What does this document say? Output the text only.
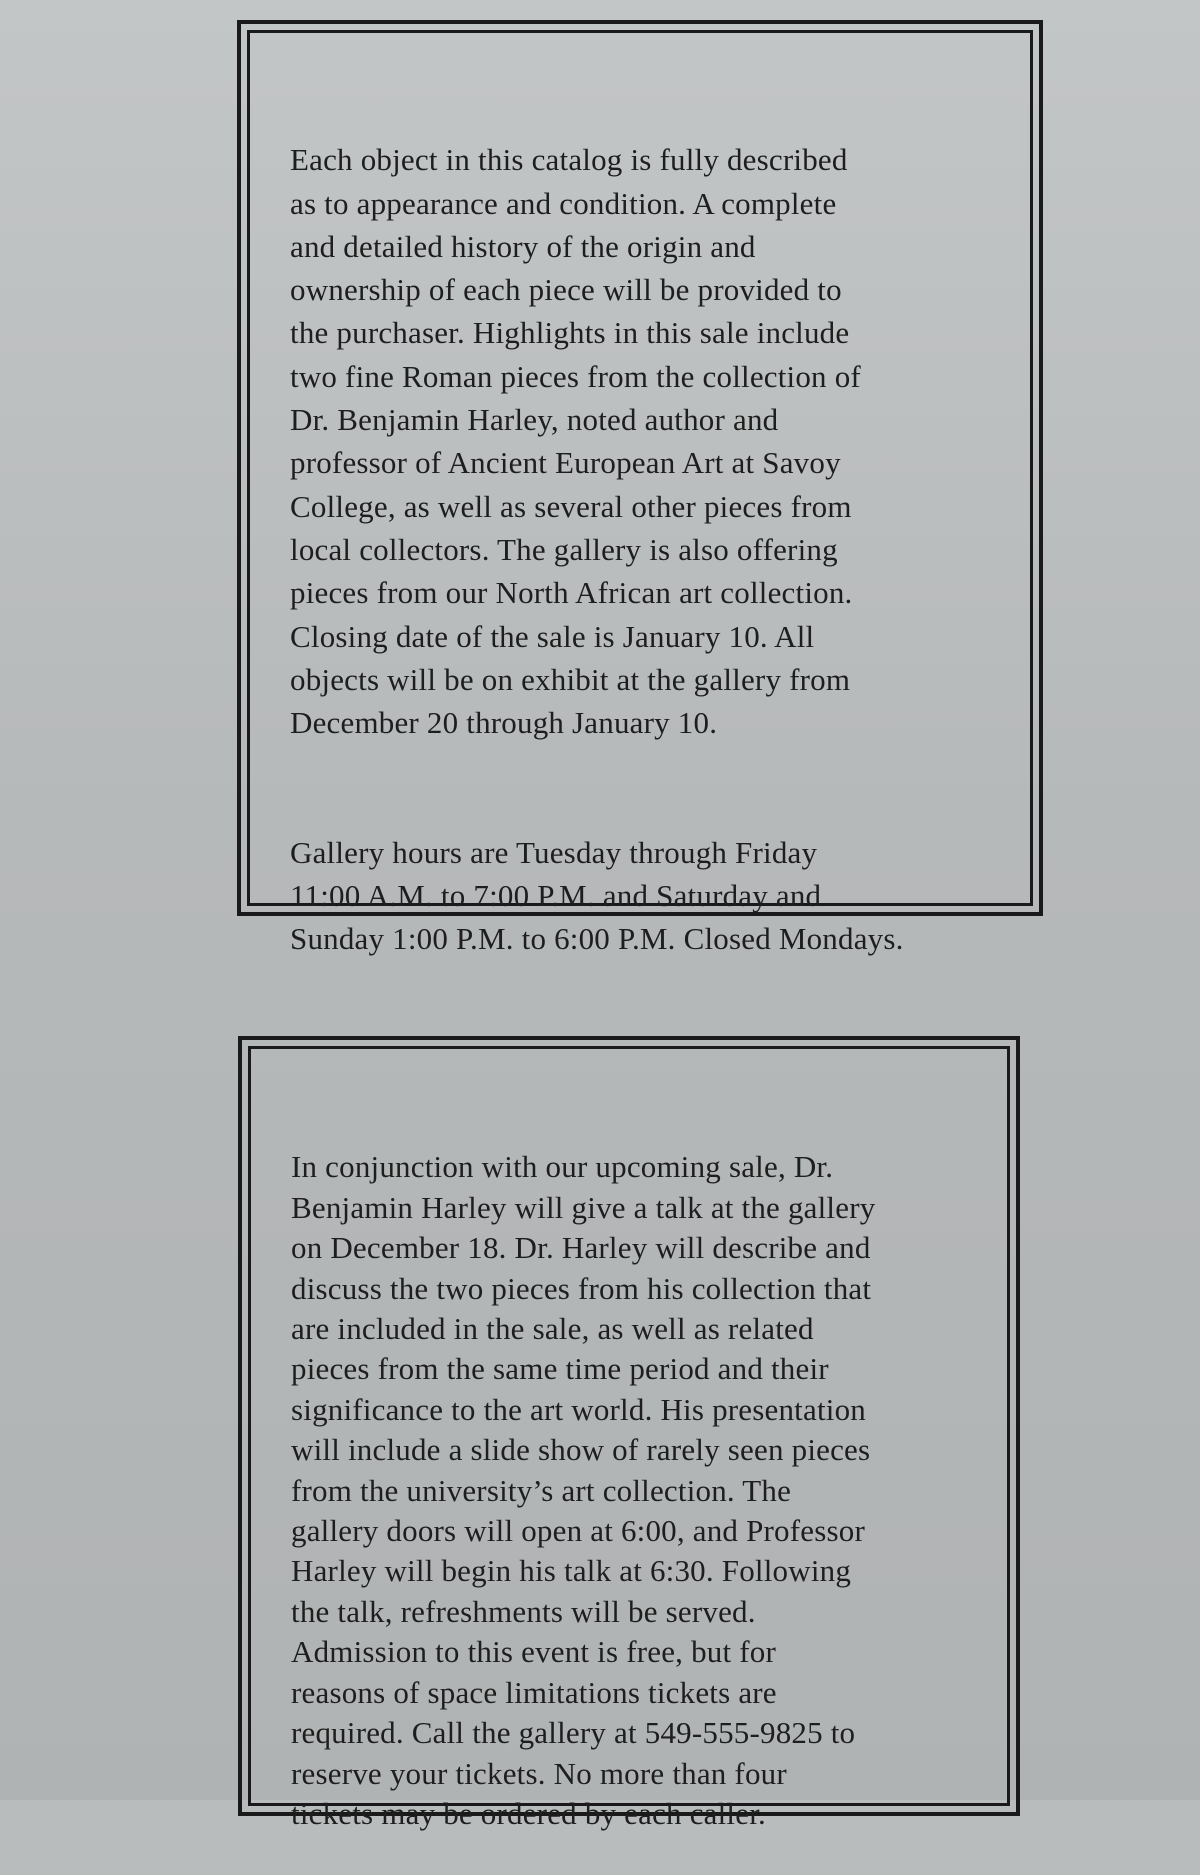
Each object in this catalog is fully described
as to appearance and condition. A complete
and detailed history of the origin and
ownership of each piece will be provided to
the purchaser. Highlights in this sale include
two fine Roman pieces from the collection of
Dr. Benjamin Harley, noted author and
professor of Ancient European Art at Savoy
College, as well as several other pieces from
local collectors. The gallery is also offering
pieces from our North African art collection.
Closing date of the sale is January 10. All
objects will be on exhibit at the gallery from
December 20 through January 10.

Gallery hours are Tuesday through Friday
11:00 A.M. to 7:00 P.M. and Saturday and
Sunday 1:00 P.M. to 6:00 P.M. Closed Mondays.

In conjunction with our upcoming sale, Dr.
Benjamin Harley will give a talk at the gallery
on December 18. Dr. Harley will describe and
discuss the two pieces from his collection that
are included in the sale, as well as related
pieces from the same time period and their
significance to the art world. His presentation
will include a slide show of rarely seen pieces
from the university’s art collection. The
gallery doors will open at 6:00, and Professor
Harley will begin his talk at 6:30. Following
the talk, refreshments will be served.
Admission to this event is free, but for
reasons of space limitations tickets are
required. Call the gallery at 549-555-9825 to
reserve your tickets. No more than four
tickets may be ordered by each caller.
